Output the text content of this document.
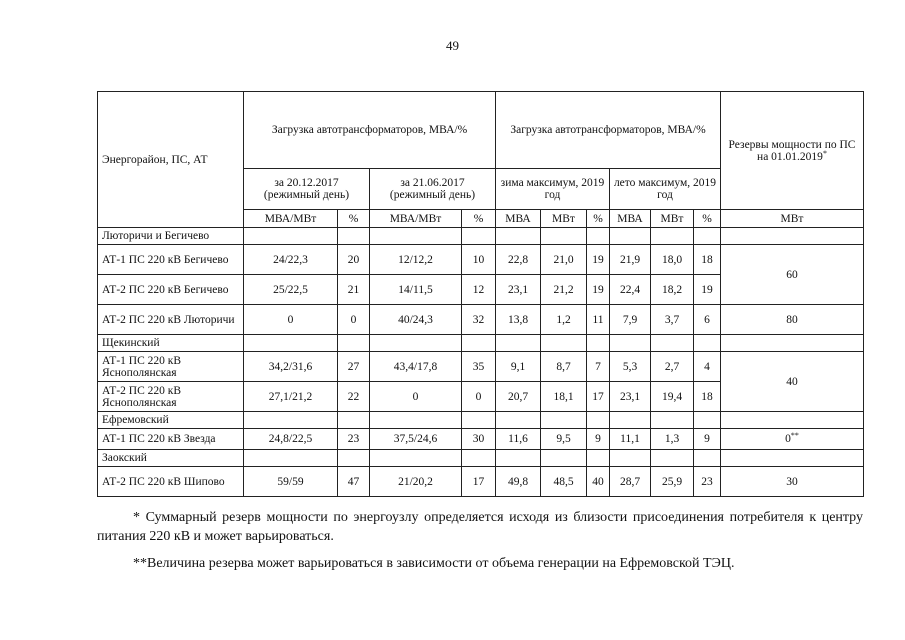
49
Энергорайон, ПС, АТ	Загрузка автотрансформаторов, МВА/%				Загрузка автотрансформаторов, МВА/%						Резервы мощности по ПС на 01.01.2019*
	за 20.12.2017 (режимный день)		за 21.06.2017 (режимный день)		зима максимум, 2019 год			лето максимум, 2019 год			
	МВА/МВт	%	МВА/МВт	%	МВА	МВт	%	МВА	МВт	%	МВт
Лютоpичи и Бегичево											
АТ-1 ПС 220 кВ Бегичево	24/22,3	20	12/12,2	10	22,8	21,0	19	21,9	18,0	18	60
АТ-2 ПС 220 кВ Бегичево	25/22,5	21	14/11,5	12	23,1	21,2	19	22,4	18,2	19	
АТ-2 ПС 220 кВ Лютоpичи	0	0	40/24,3	32	13,8	1,2	11	7,9	3,7	6	80
Щекинский											
АТ-1 ПС 220 кВ Яснополянская	34,2/31,6	27	43,4/17,8	35	9,1	8,7	7	5,3	2,7	4	40
АТ-2 ПС 220 кВ Яснополянская	27,1/21,2	22	0	0	20,7	18,1	17	23,1	19,4	18	
Ефремовский											
АТ-1 ПС 220 кВ Звезда	24,8/22,5	23	37,5/24,6	30	11,6	9,5	9	11,1	1,3	9	0**
Заокский											
АТ-2 ПС 220 кВ Шипово	59/59	47	21/20,2	17	49,8	48,5	40	28,7	25,9	23	30

* Суммарный резерв мощности по энергоузлу определяется исходя из близости присоединения потребителя к центру питания 220 кВ и может варьироваться.

**Величина резерва может варьироваться в зависимости от объема генерации на Ефремовской ТЭЦ.
